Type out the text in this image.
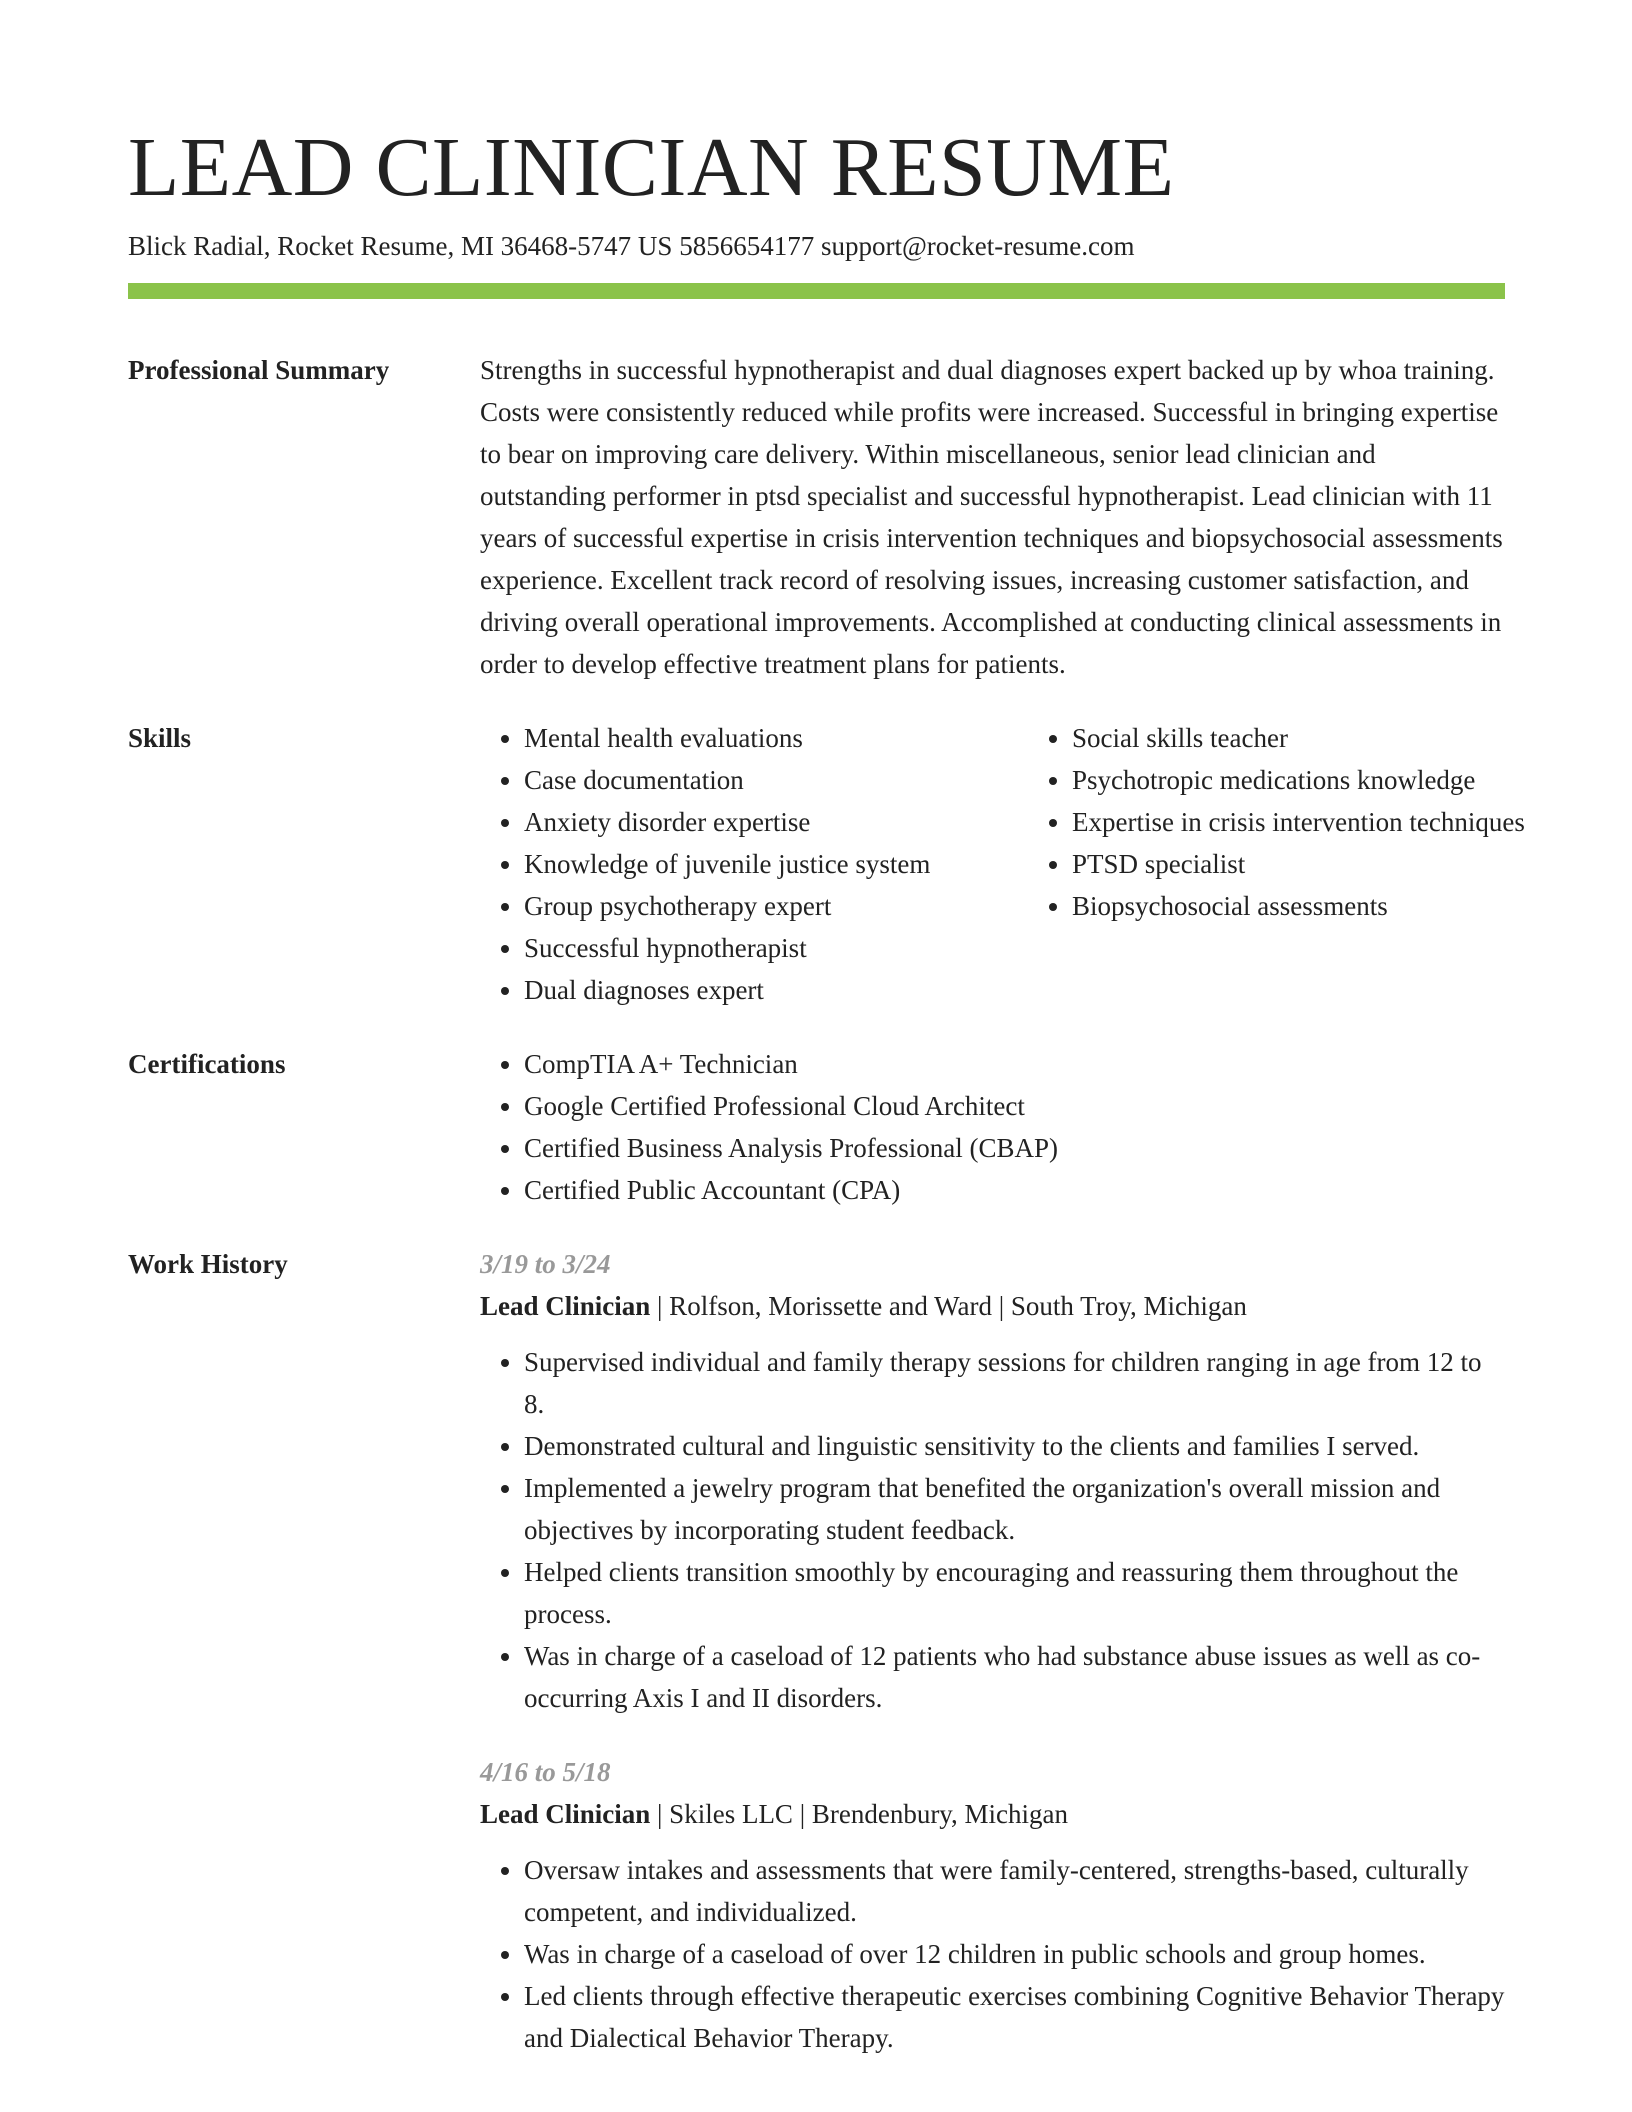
LEAD CLINICIAN RESUME
Blick Radial, Rocket Resume, MI 36468-5747 US 5856654177 support@rocket-resume.com
Professional Summary	Strengths in successful hypnotherapist and dual diagnoses expert backed up by whoa training. Costs were consistently reduced while profits were increased. Successful in bringing expertise to bear on improving care delivery. Within miscellaneous, senior lead clinician and outstanding performer in ptsd specialist and successful hypnotherapist. Lead clinician with 11 years of successful expertise in crisis intervention techniques and biopsychosocial assessments experience. Excellent track record of resolving issues, increasing customer satisfaction, and driving overall operational improvements. Accomplished at conducting clinical assessments in order to develop effective treatment plans for patients.
Skills	• Mental health evaluations
• Case documentation
• Anxiety disorder expertise
• Knowledge of juvenile justice system
• Group psychotherapy expert
• Successful hypnotherapist
• Dual diagnoses expert
• Social skills teacher
• Psychotropic medications knowledge
• Expertise in crisis intervention techniques
• PTSD specialist
• Biopsychosocial assessments
Certifications	• CompTIA A+ Technician
• Google Certified Professional Cloud Architect
• Certified Business Analysis Professional (CBAP)
• Certified Public Accountant (CPA)
Work History	3/19 to 3/24
Lead Clinician | Rolfson, Morissette and Ward | South Troy, Michigan
• Supervised individual and family therapy sessions for children ranging in age from 12 to 8.
• Demonstrated cultural and linguistic sensitivity to the clients and families I served.
• Implemented a jewelry program that benefited the organization's overall mission and objectives by incorporating student feedback.
• Helped clients transition smoothly by encouraging and reassuring them throughout the process.
• Was in charge of a caseload of 12 patients who had substance abuse issues as well as co-occurring Axis I and II disorders.
4/16 to 5/18
Lead Clinician | Skiles LLC | Brendenbury, Michigan
• Oversaw intakes and assessments that were family-centered, strengths-based, culturally competent, and individualized.
• Was in charge of a caseload of over 12 children in public schools and group homes.
• Led clients through effective therapeutic exercises combining Cognitive Behavior Therapy and Dialectical Behavior Therapy.
